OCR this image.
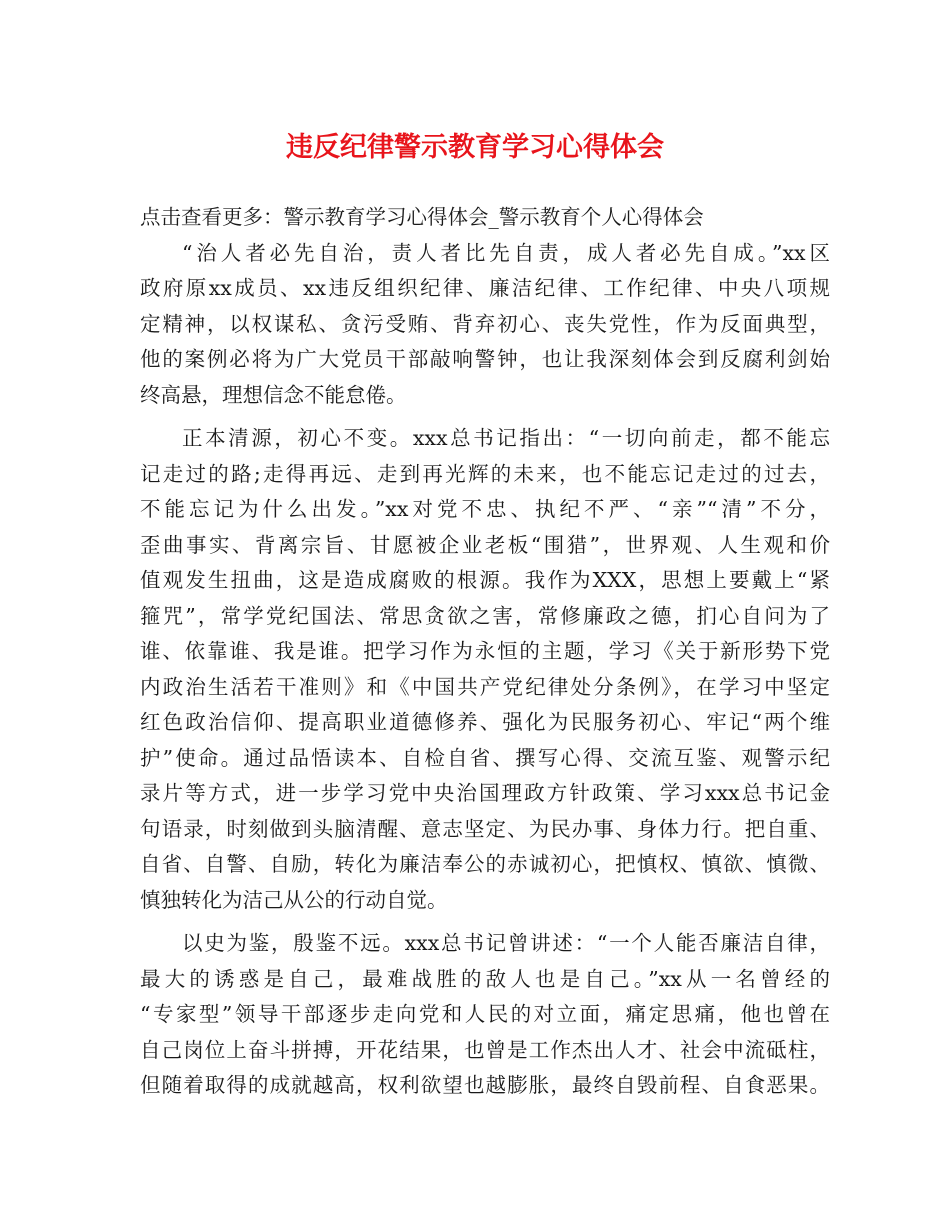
违反纪律警示教育学习心得体会
点击查看更多：警示教育学习心得体会_警示教育个人心得体会
“治人者必先自治，责人者比先自责，成人者必先自成。”xx区
政府原xx成员、xx违反组织纪律、廉洁纪律、工作纪律、中央八项规
定精神，以权谋私、贪污受贿、背弃初心、丧失党性，作为反面典型，
他的案例必将为广大党员干部敲响警钟，也让我深刻体会到反腐利剑始
终高悬，理想信念不能怠倦。
正本清源，初心不变。xxx总书记指出：“一切向前走，都不能忘
记走过的路;走得再远、走到再光辉的未来，也不能忘记走过的过去，
不能忘记为什么出发。”xx对党不忠、执纪不严、“亲”“清”不分，
歪曲事实、背离宗旨、甘愿被企业老板“围猎”，世界观、人生观和价
值观发生扭曲，这是造成腐败的根源。我作为XXX，思想上要戴上“紧
箍咒”，常学党纪国法、常思贪欲之害，常修廉政之德，扪心自问为了
谁、依靠谁、我是谁。把学习作为永恒的主题，学习《关于新形势下党
内政治生活若干准则》和《中国共产党纪律处分条例》，在学习中坚定
红色政治信仰、提高职业道德修养、强化为民服务初心、牢记“两个维
护”使命。通过品悟读本、自检自省、撰写心得、交流互鉴、观警示纪
录片等方式，进一步学习党中央治国理政方针政策、学习xxx总书记金
句语录，时刻做到头脑清醒、意志坚定、为民办事、身体力行。把自重、
自省、自警、自励，转化为廉洁奉公的赤诚初心，把慎权、慎欲、慎微、
慎独转化为洁己从公的行动自觉。
以史为鉴，殷鉴不远。xxx总书记曾讲述：“一个人能否廉洁自律，
最大的诱惑是自己，最难战胜的敌人也是自己。”xx从一名曾经的
“专家型”领导干部逐步走向党和人民的对立面，痛定思痛，他也曾在
自己岗位上奋斗拼搏，开花结果，也曾是工作杰出人才、社会中流砥柱，
但随着取得的成就越高，权利欲望也越膨胀，最终自毁前程、自食恶果。
